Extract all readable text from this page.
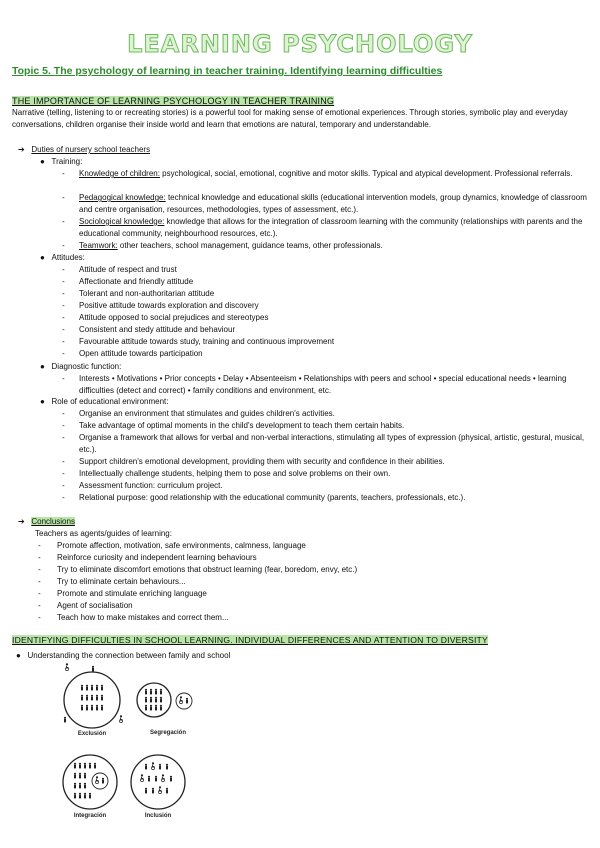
LEARNING PSYCHOLOGY
Topic 5. The psychology of learning in teacher training. Identifying learning difficulties
THE IMPORTANCE OF LEARNING PSYCHOLOGY IN TEACHER TRAINING
Narrative (telling, listening to or recreating stories) is a powerful tool for making sense of emotional experiences. Through stories, symbolic play and everyday conversations, children organise their inside world and learn that emotions are natural, temporary and understandable.
➔ Duties of nursery school teachers
● Training:
- Knowledge of children: psychological, social, emotional, cognitive and motor skills. Typical and atypical development. Professional referrals.
- Pedagogical knowledge: technical knowledge and educational skills (educational intervention models, group dynamics, knowledge of classroom and centre organisation, resources, methodologies, types of assessment, etc.).
- Sociological knowledge: knowledge that allows for the integration of classroom learning with the community (relationships with parents and the educational community, neighbourhood resources, etc.).
- Teamwork: other teachers, school management, guidance teams, other professionals.
● Attitudes:
- Attitude of respect and trust
- Affectionate and friendly attitude
- Tolerant and non-authoritarian attitude
- Positive attitude towards exploration and discovery
- Attitude opposed to social prejudices and stereotypes
- Consistent and stedy attitude and behaviour
- Favourable attitude towards study, training and continuous improvement
- Open attitude towards participation
● Diagnostic function:
- Interests • Motivations • Prior concepts • Delay • Absenteeism • Relationships with peers and school • special educational needs • learning difficulties (detect and correct) • family conditions and environment, etc.
● Role of educational environment:
- Organise an environment that stimulates and guides children's activities.
- Take advantage of optimal moments in the child's development to teach them certain habits.
- Organise a framework that allows for verbal and non-verbal interactions, stimulating all types of expression (physical, artistic, gestural, musical, etc.).
- Support children's emotional development, providing them with security and confidence in their abilities.
- Intellectually challenge students, helping them to pose and solve problems on their own.
- Assessment function: curriculum project.
- Relational purpose: good relationship with the educational community (parents, teachers, professionals, etc.).
➔ Conclusions
Teachers as agents/guides of learning:
- Promote affection, motivation, safe environments, calmness, language
- Reinforce curiosity and independent learning behaviours
- Try to eliminate discomfort emotions that obstruct learning (fear, boredom, envy, etc.)
- Try to eliminate certain behaviours...
- Promote and stimulate enriching language
- Agent of socialisation
- Teach how to make mistakes and correct them...
IDENTIFYING DIFFICULTIES IN SCHOOL LEARNING. INDIVIDUAL DIFFERENCES AND ATTENTION TO DIVERSITY
● Understanding the connection between family and school
Exclusión	Segregación
Integración	Inclusión
